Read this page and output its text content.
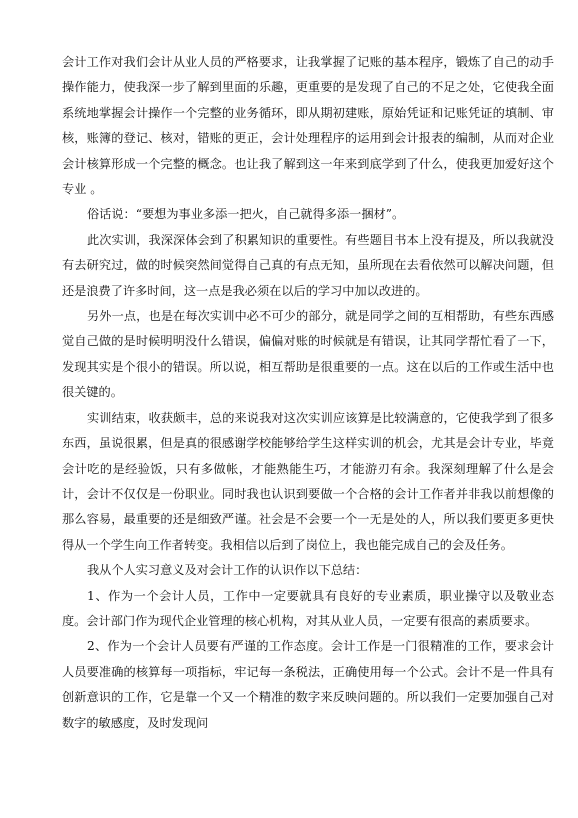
会计工作对我们会计从业人员的严格要求，让我掌握了记账的基本程序，锻炼了自己的动手操作能力，使我深一步了解到里面的乐趣，更重要的是发现了自己的不足之处，它使我全面系统地掌握会计操作一个完整的业务循环，即从期初建账，原始凭证和记账凭证的填制、审核，账簿的登记、核对，错账的更正，会计处理程序的运用到会计报表的编制，从而对企业会计核算形成一个完整的概念。也让我了解到这一年来到底学到了什么，使我更加爱好这个专业 。

俗话说：“要想为事业多添一把火，自己就得多添一捆材”。

此次实训，我深深体会到了积累知识的重要性。有些题目书本上没有提及，所以我就没有去研究过，做的时候突然间觉得自己真的有点无知，虽所现在去看依然可以解决问题，但还是浪费了许多时间，这一点是我必须在以后的学习中加以改进的。

另外一点，也是在每次实训中必不可少的部分，就是同学之间的互相帮助，有些东西感觉自己做的是时候明明没什么错误，偏偏对账的时候就是有错误，让其同学帮忙看了一下，发现其实是个很小的错误。所以说，相互帮助是很重要的一点。这在以后的工作或生活中也很关键的。

实训结束，收获颇丰，总的来说我对这次实训应该算是比较满意的，它使我学到了很多东西，虽说很累，但是真的很感谢学校能够给学生这样实训的机会，尤其是会计专业，毕竟会计吃的是经验饭，只有多做帐，才能熟能生巧，才能游刃有余。我深刻理解了什么是会计，会计不仅仅是一份职业。同时我也认识到要做一个合格的会计工作者并非我以前想像的那么容易，最重要的还是细致严谨。社会是不会要一个一无是处的人，所以我们要更多更快得从一个学生向工作者转变。我相信以后到了岗位上，我也能完成自己的会及任务。

我从个人实习意义及对会计工作的认识作以下总结：

1、作为一个会计人员，工作中一定要就具有良好的专业素质，职业操守以及敬业态度。会计部门作为现代企业管理的核心机构，对其从业人员，一定要有很高的素质要求。

2、作为一个会计人员要有严谨的工作态度。会计工作是一门很精准的工作，要求会计人员要准确的核算每一项指标，牢记每一条税法，正确使用每一个公式。会计不是一件具有创新意识的工作，它是靠一个又一个精准的数字来反映问题的。所以我们一定要加强自己对数字的敏感度，及时发现问
